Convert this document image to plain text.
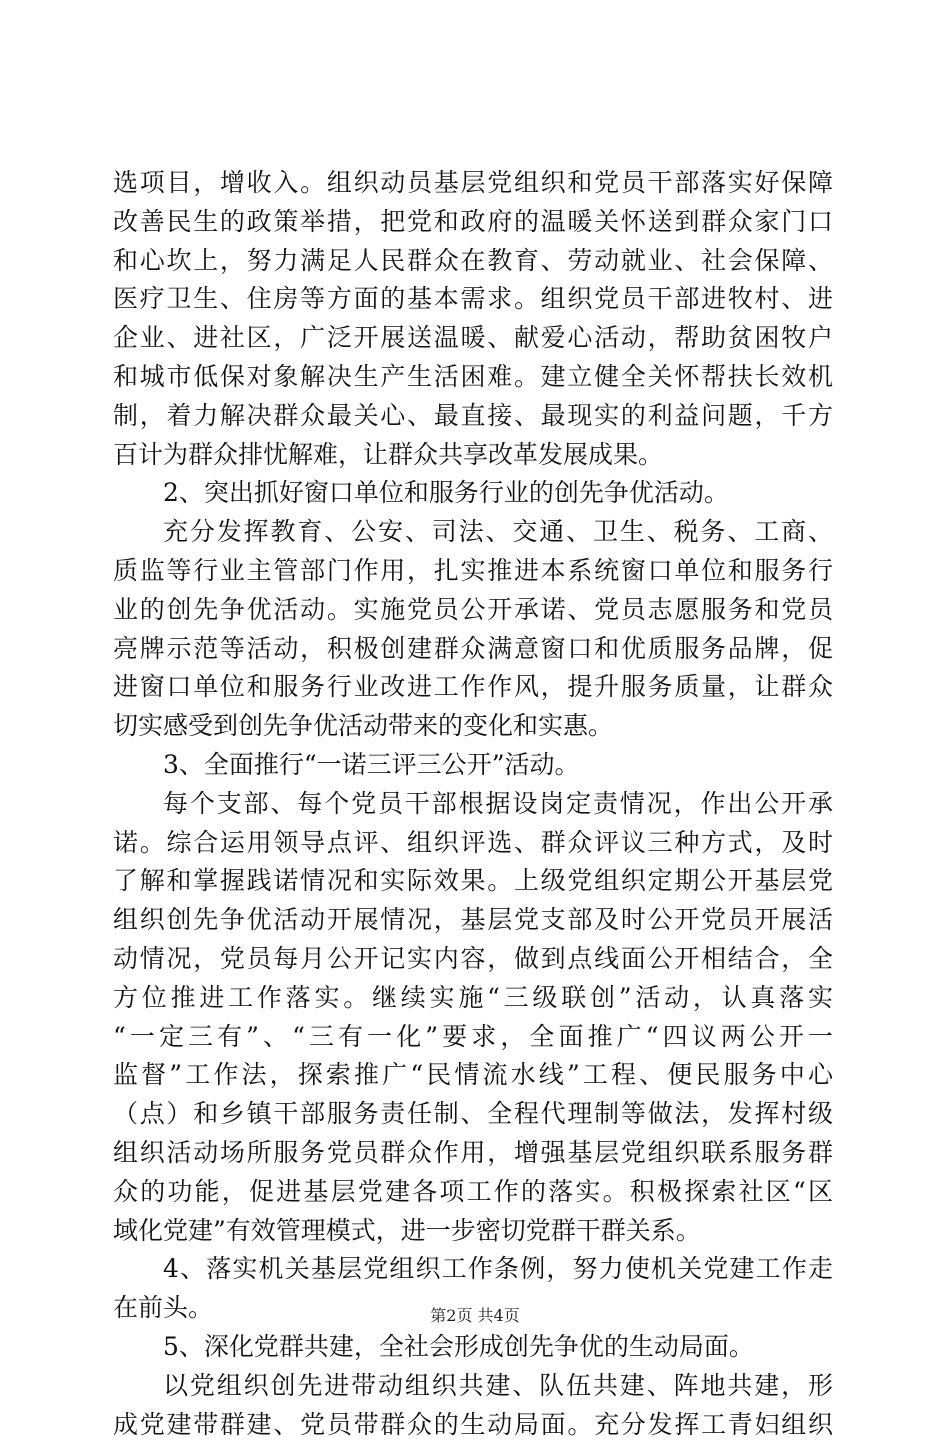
选项目，增收入。组织动员基层党组织和党员干部落实好保障
改善民生的政策举措，把党和政府的温暖关怀送到群众家门口
和心坎上，努力满足人民群众在教育、劳动就业、社会保障、
医疗卫生、住房等方面的基本需求。组织党员干部进牧村、进
企业、进社区，广泛开展送温暖、献爱心活动，帮助贫困牧户
和城市低保对象解决生产生活困难。建立健全关怀帮扶长效机
制，着力解决群众最关心、最直接、最现实的利益问题，千方
百计为群众排忧解难，让群众共享改革发展成果。
2、突出抓好窗口单位和服务行业的创先争优活动。
充分发挥教育、公安、司法、交通、卫生、税务、工商、
质监等行业主管部门作用，扎实推进本系统窗口单位和服务行
业的创先争优活动。实施党员公开承诺、党员志愿服务和党员
亮牌示范等活动，积极创建群众满意窗口和优质服务品牌，促
进窗口单位和服务行业改进工作作风，提升服务质量，让群众
切实感受到创先争优活动带来的变化和实惠。
3、全面推行“一诺三评三公开”活动。
每个支部、每个党员干部根据设岗定责情况，作出公开承
诺。综合运用领导点评、组织评选、群众评议三种方式，及时
了解和掌握践诺情况和实际效果。上级党组织定期公开基层党
组织创先争优活动开展情况，基层党支部及时公开党员开展活
动情况，党员每月公开记实内容，做到点线面公开相结合，全
方位推进工作落实。继续实施“三级联创”活动，认真落实
“一定三有”、“三有一化”要求，全面推广“四议两公开一
监督”工作法，探索推广“民情流水线”工程、便民服务中心
（点）和乡镇干部服务责任制、全程代理制等做法，发挥村级
组织活动场所服务党员群众作用，增强基层党组织联系服务群
众的功能，促进基层党建各项工作的落实。积极探索社区“区
域化党建”有效管理模式，进一步密切党群干群关系。
4、落实机关基层党组织工作条例，努力使机关党建工作走
在前头。
5、深化党群共建，全社会形成创先争优的生动局面。
以党组织创先进带动组织共建、队伍共建、阵地共建，形
成党建带群建、党员带群众的生动局面。充分发挥工青妇组织
第2页 共4页
